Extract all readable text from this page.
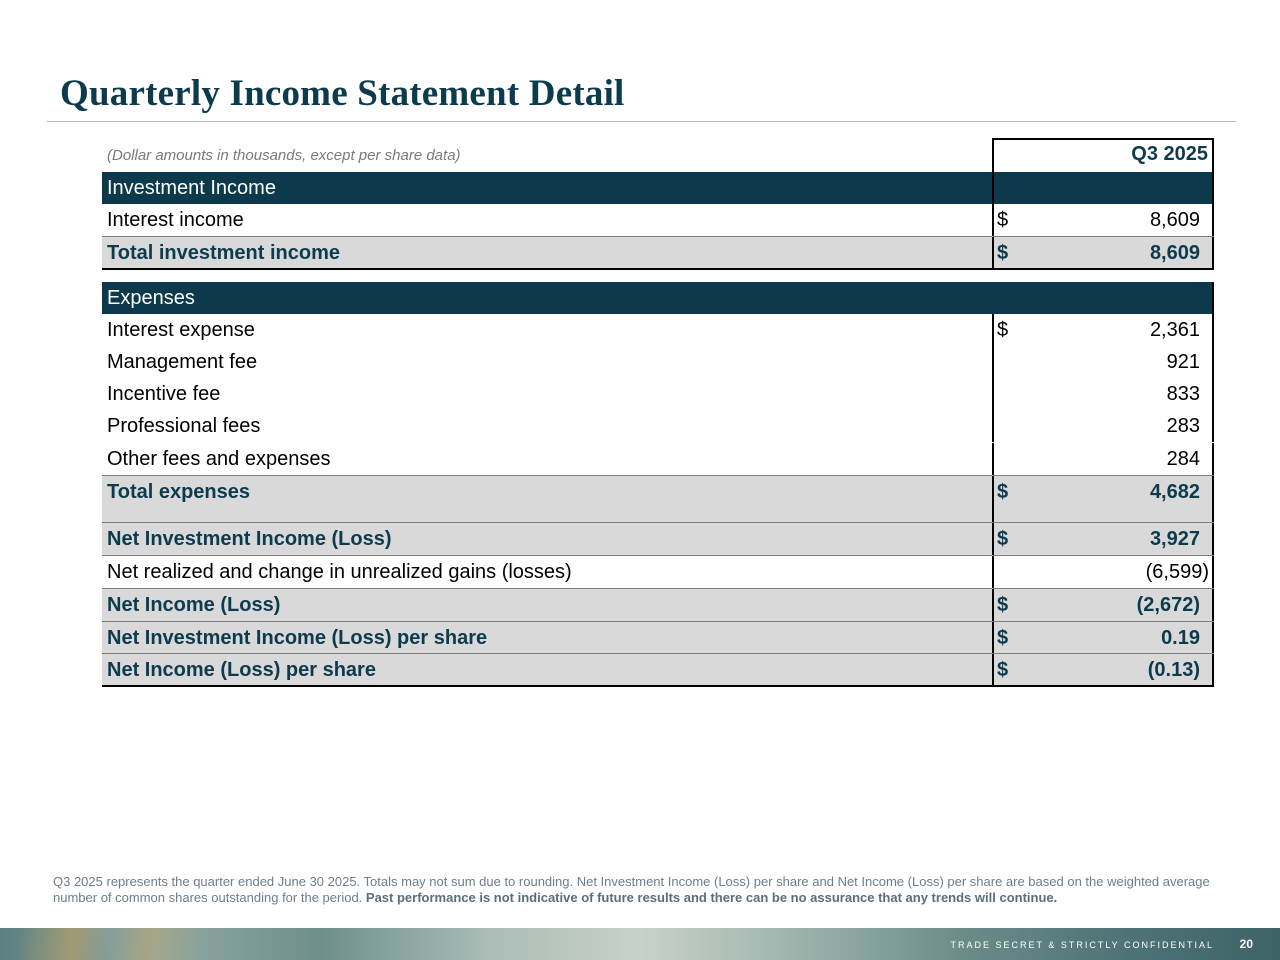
Quarterly Income Statement Detail
Q3 2025
(Dollar amounts in thousands, except per share data)
Investment Income
Interest income	$	8,609
Total investment income	$	8,609
Expenses
Interest expense	$	2,361
Management fee	921
Incentive fee	833
Professional fees	283
Other fees and expenses	284
Total expenses	$	4,682
Net Investment Income (Loss)	$	3,927
Net realized and change in unrealized gains (losses)	(6,599)
Net Income (Loss)	$	(2,672)
Net Investment Income (Loss) per share	$	0.19
Net Income (Loss) per share	$	(0.13)
Q3 2025 represents the quarter ended June 30 2025. Totals may not sum due to rounding. Net Investment Income (Loss) per share and Net Income (Loss) per share are based on the weighted average number of common shares outstanding for the period. Past performance is not indicative of future results and there can be no assurance that any trends will continue.
TRADE SECRET & STRICTLY CONFIDENTIAL 20
